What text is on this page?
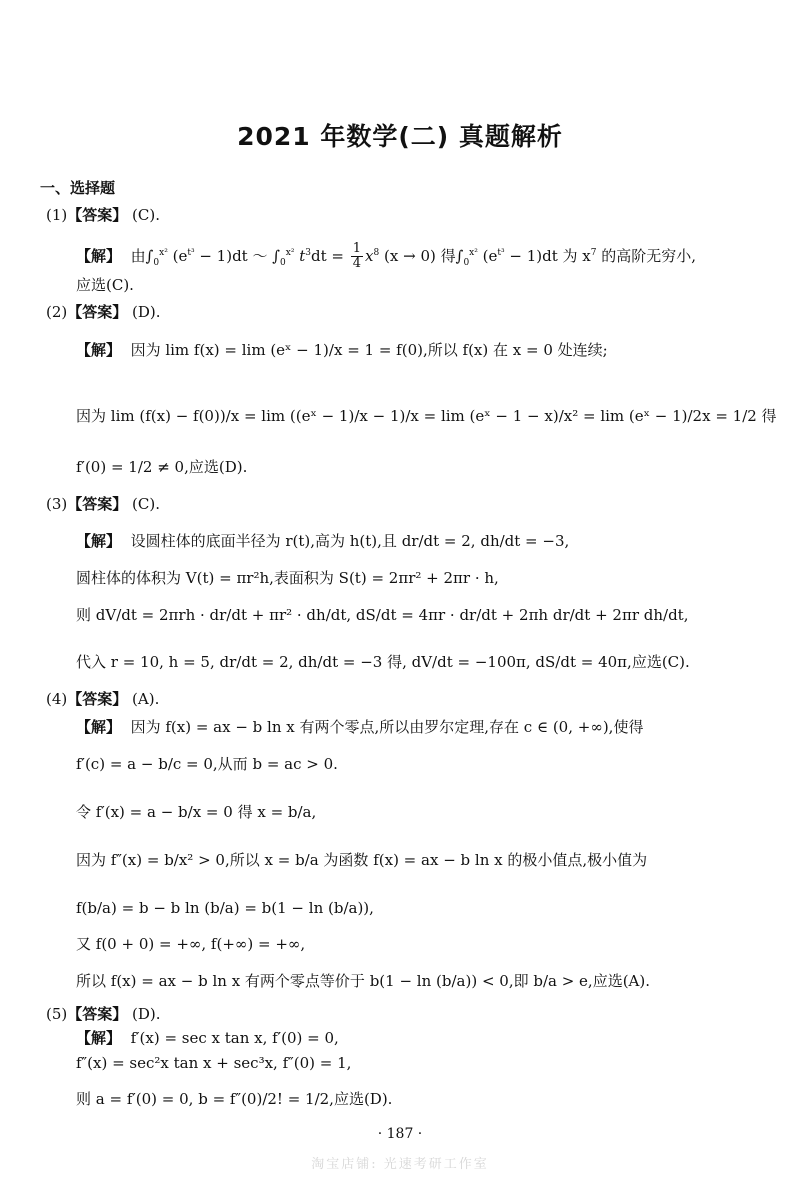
2021 年数学(二) 真题解析
一、选择题
(1)【答案】 (C).
【解】 由$\int_0^{x^2}$ $(e^{t^3} - 1)dt$ ～ $\int_0^{x^2}$ $t^3dt = \frac{1}{4} x^8$ (x → 0) 得$\int_0^{x^2}$ $(e^{t^3} - 1)dt$ 为 $x^7$ 的高阶无穷小,
应选(C).
(2)【答案】 (D).
【解】 因为 lim f(x) = lim (eˣ − 1)/x = 1 = f(0),所以 f(x) 在 x = 0 处连续;
因为 lim (f(x) − f(0))/x = lim ((eˣ − 1)/x − 1)/x = lim (eˣ − 1 − x)/x² = lim (eˣ − 1)/2x = 1/2 得
f′(0) = 1/2 ≠ 0,应选(D).
(3)【答案】 (C).
【解】 设圆柱体的底面半径为 r(t),高为 h(t),且 dr/dt = 2, dh/dt = −3,
圆柱体的体积为 V(t) = πr²h,表面积为 S(t) = 2πr² + 2πr · h,
则 dV/dt = 2πrh · dr/dt + πr² · dh/dt, dS/dt = 4πr · dr/dt + 2πh dr/dt + 2πr dh/dt,
代入 r = 10, h = 5, dr/dt = 2, dh/dt = −3 得, dV/dt = −100π, dS/dt = 40π,应选(C).
(4)【答案】 (A).
【解】 因为 f(x) = ax − b ln x 有两个零点,所以由罗尔定理,存在 c ∈ (0, +∞),使得
f′(c) = a − b/c = 0,从而 b = ac > 0.
令 f′(x) = a − b/x = 0 得 x = b/a,
因为 f″(x) = b/x² > 0,所以 x = b/a 为函数 f(x) = ax − b ln x 的极小值点,极小值为
f(b/a) = b − b ln (b/a) = b(1 − ln (b/a)),
又 f(0 + 0) = +∞, f(+∞) = +∞,
所以 f(x) = ax − b ln x 有两个零点等价于 b(1 − ln (b/a)) < 0,即 b/a > e,应选(A).
(5)【答案】 (D).
【解】 f′(x) = sec x tan x, f′(0) = 0,
f″(x) = sec²x tan x + sec³x, f″(0) = 1,
则 a = f′(0) = 0, b = f″(0)/2! = 1/2,应选(D).
· 187 ·
淘宝店铺: 光速考研工作室
